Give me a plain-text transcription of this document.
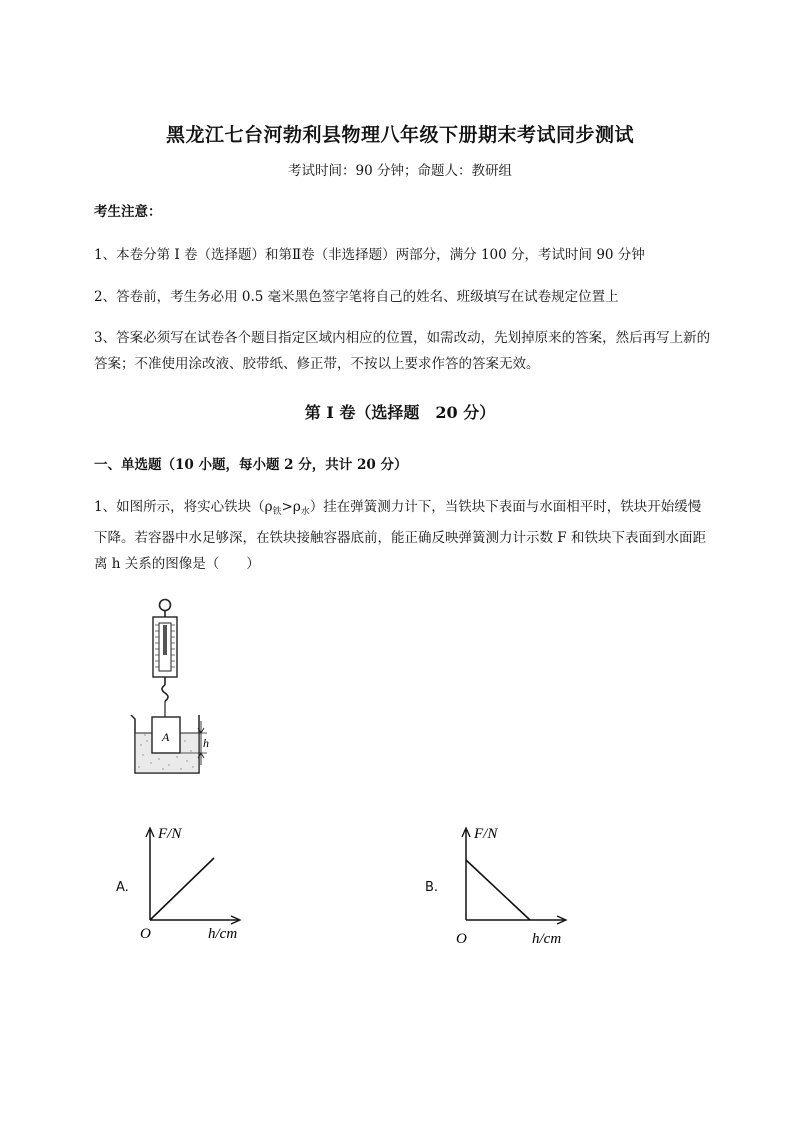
黑龙江七台河勃利县物理八年级下册期末考试同步测试
考试时间：90 分钟；命题人：教研组
考生注意：
1、本卷分第 I 卷（选择题）和第Ⅱ卷（非选择题）两部分，满分 100 分，考试时间 90 分钟
2、答卷前，考生务必用 0.5 毫米黑色签字笔将自己的姓名、班级填写在试卷规定位置上
3、答案必须写在试卷各个题目指定区域内相应的位置，如需改动，先划掉原来的答案，然后再写上新的答案；不准使用涂改液、胶带纸、修正带，不按以上要求作答的答案无效。
第 I 卷（选择题　20 分）
一、单选题（10 小题，每小题 2 分，共计 20 分）
1、如图所示，将实心铁块$(\rho_铁>\rho_水)$挂在弹簧测力计下，当铁块下表面与水面相平时，铁块开始缓慢下降。若容器中水足够深，在铁块接触容器底前，能正确反映弹簧测力计示数 F 和铁块下表面到水面距离 h 关系的图像是（　　）
A	h
A.
F/N
O	h/cm
B.
F/N
O	h/cm
